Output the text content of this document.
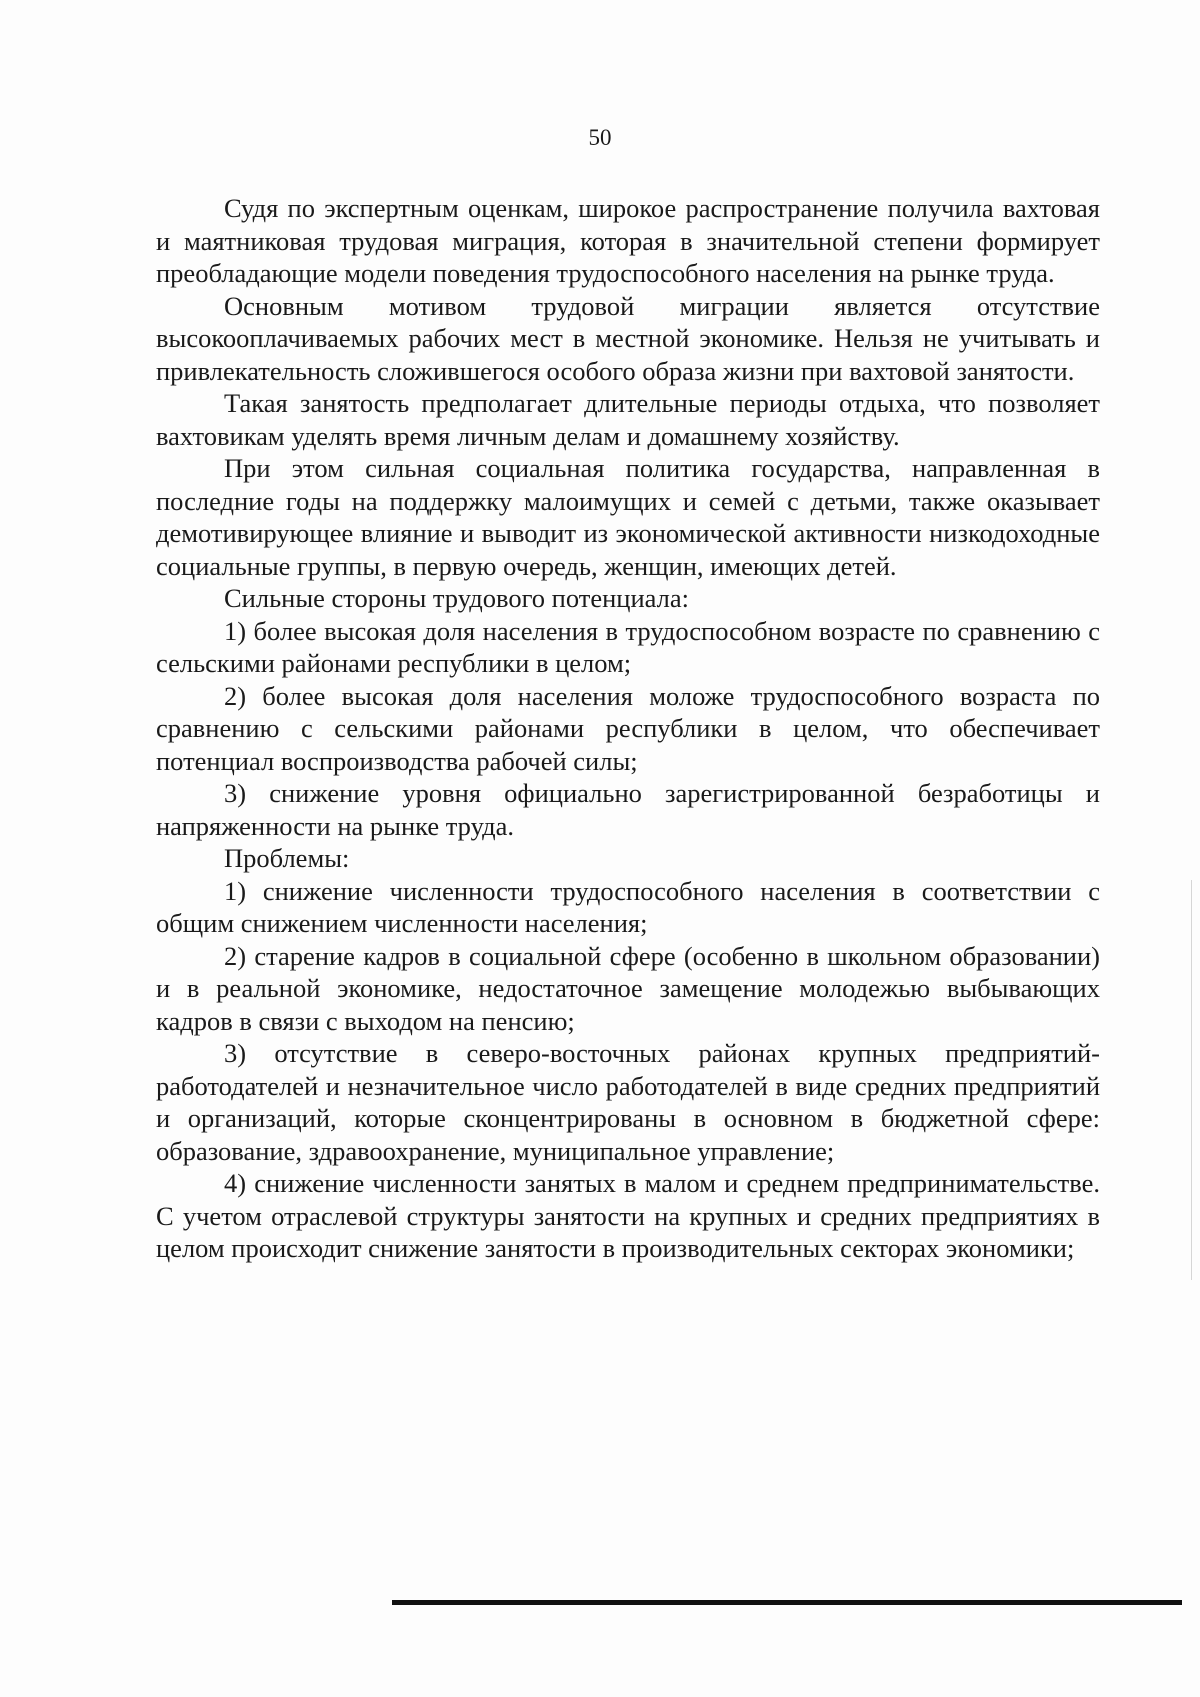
50

Судя по экспертным оценкам, широкое распространение получила вахтовая и маятниковая трудовая миграция, которая в значительной степени формирует преобладающие модели поведения трудоспособного населения на рынке труда.

Основным мотивом трудовой миграции является отсутствие высокооплачиваемых рабочих мест в местной экономике. Нельзя не учитывать и привлекательность сложившегося особого образа жизни при вахтовой занятости.

Такая занятость предполагает длительные периоды отдыха, что позволяет вахтовикам уделять время личным делам и домашнему хозяйству.

При этом сильная социальная политика государства, направленная в последние годы на поддержку малоимущих и семей с детьми, также оказывает демотивирующее влияние и выводит из экономической активности низкодоходные социальные группы, в первую очередь, женщин, имеющих детей.

Сильные стороны трудового потенциала:

1) более высокая доля населения в трудоспособном возрасте по сравнению с сельскими районами республики в целом;

2) более высокая доля населения моложе трудоспособного возраста по сравнению с сельскими районами республики в целом, что обеспечивает потенциал воспроизводства рабочей силы;

3) снижение уровня официально зарегистрированной безработицы и напряженности на рынке труда.

Проблемы:

1) снижение численности трудоспособного населения в соответствии с общим снижением численности населения;

2) старение кадров в социальной сфере (особенно в школьном образовании) и в реальной экономике, недостаточное замещение молодежью выбывающих кадров в связи с выходом на пенсию;

3) отсутствие в северо-восточных районах крупных предприятий-работодателей и незначительное число работодателей в виде средних предприятий и организаций, которые сконцентрированы в основном в бюджетной сфере: образование, здравоохранение, муниципальное управление;

4) снижение численности занятых в малом и среднем предпринимательстве. С учетом отраслевой структуры занятости на крупных и средних предприятиях в целом происходит снижение занятости в производительных секторах экономики;
